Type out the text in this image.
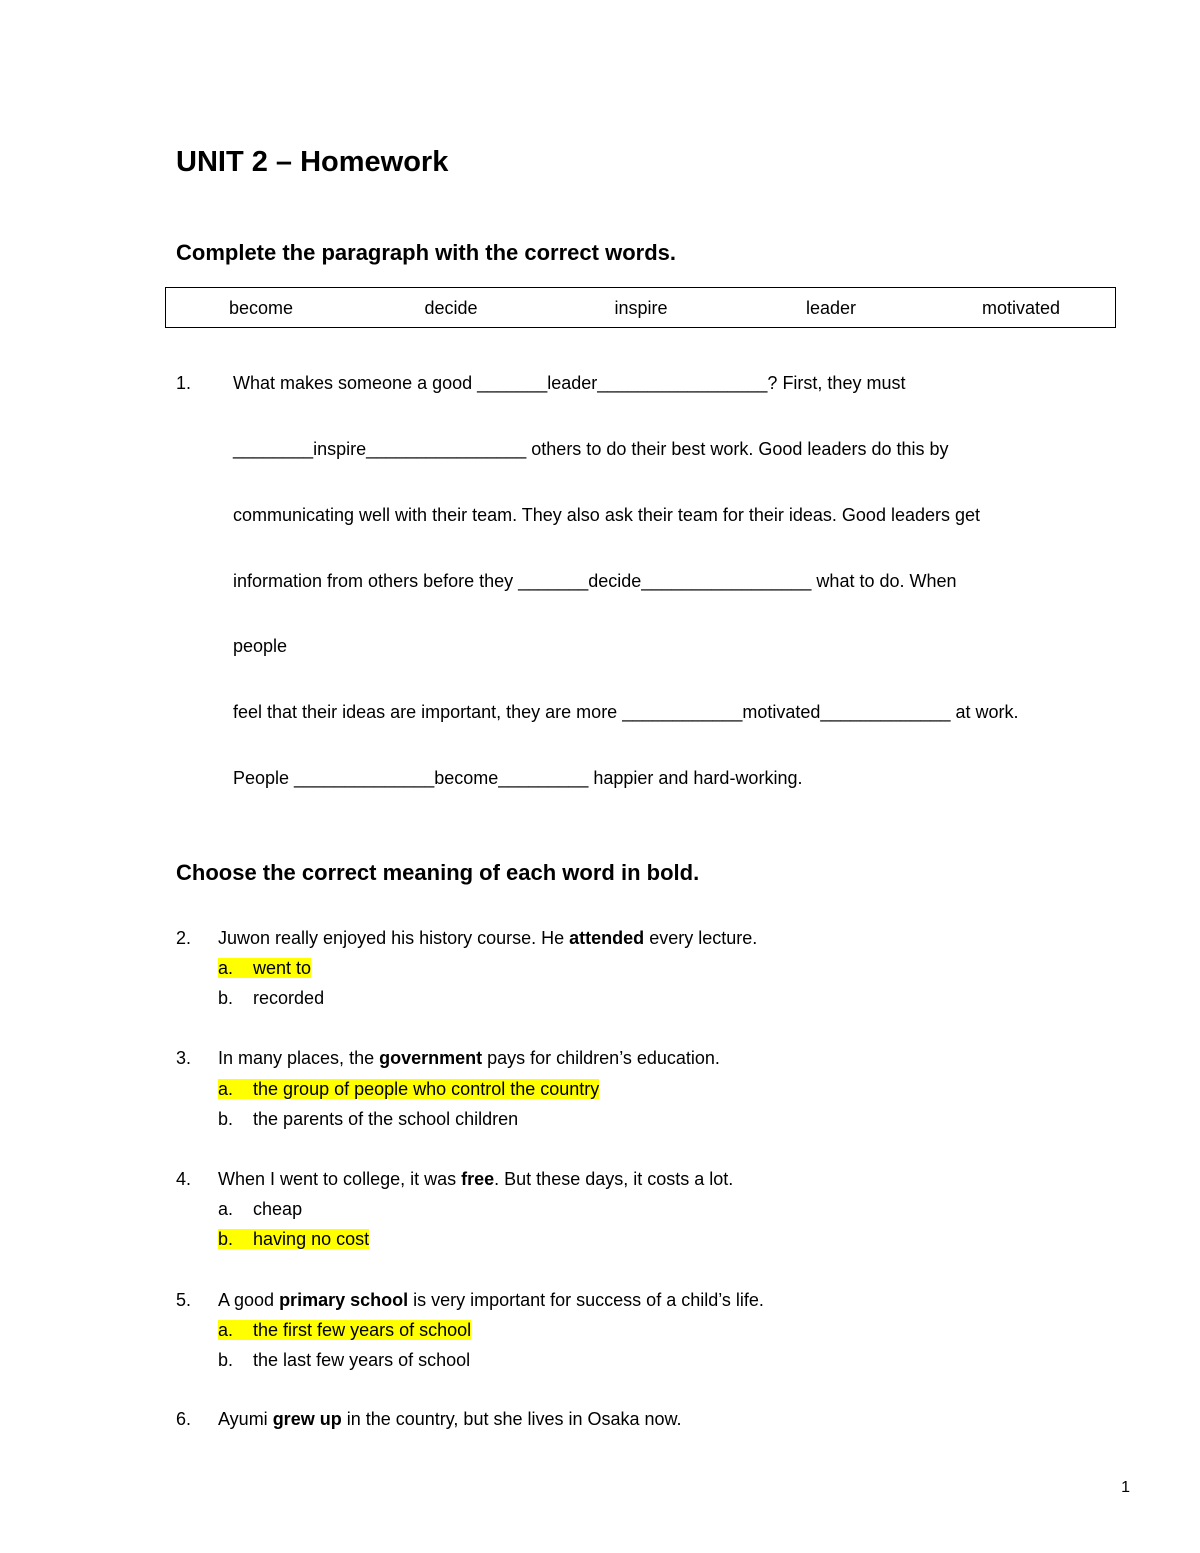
UNIT 2 – Homework
Complete the paragraph with the correct words.
become	decide	inspire	leader	motivated
1. What makes someone a good _______leader_________________? First, they must
________inspire________________ others to do their best work. Good leaders do this by
communicating well with their team. They also ask their team for their ideas. Good leaders get
information from others before they _______decide_________________ what to do. When
people
feel that their ideas are important, they are more ____________motivated_____________ at work.
People ______________become_________ happier and hard-working.
Choose the correct meaning of each word in bold.
2. Juwon really enjoyed his history course. He attended every lecture.
a. went to
b. recorded
3. In many places, the government pays for children’s education.
a. the group of people who control the country
b. the parents of the school children
4. When I went to college, it was free. But these days, it costs a lot.
a. cheap
b. having no cost
5. A good primary school is very important for success of a child’s life.
a. the first few years of school
b. the last few years of school
6. Ayumi grew up in the country, but she lives in Osaka now.
1
